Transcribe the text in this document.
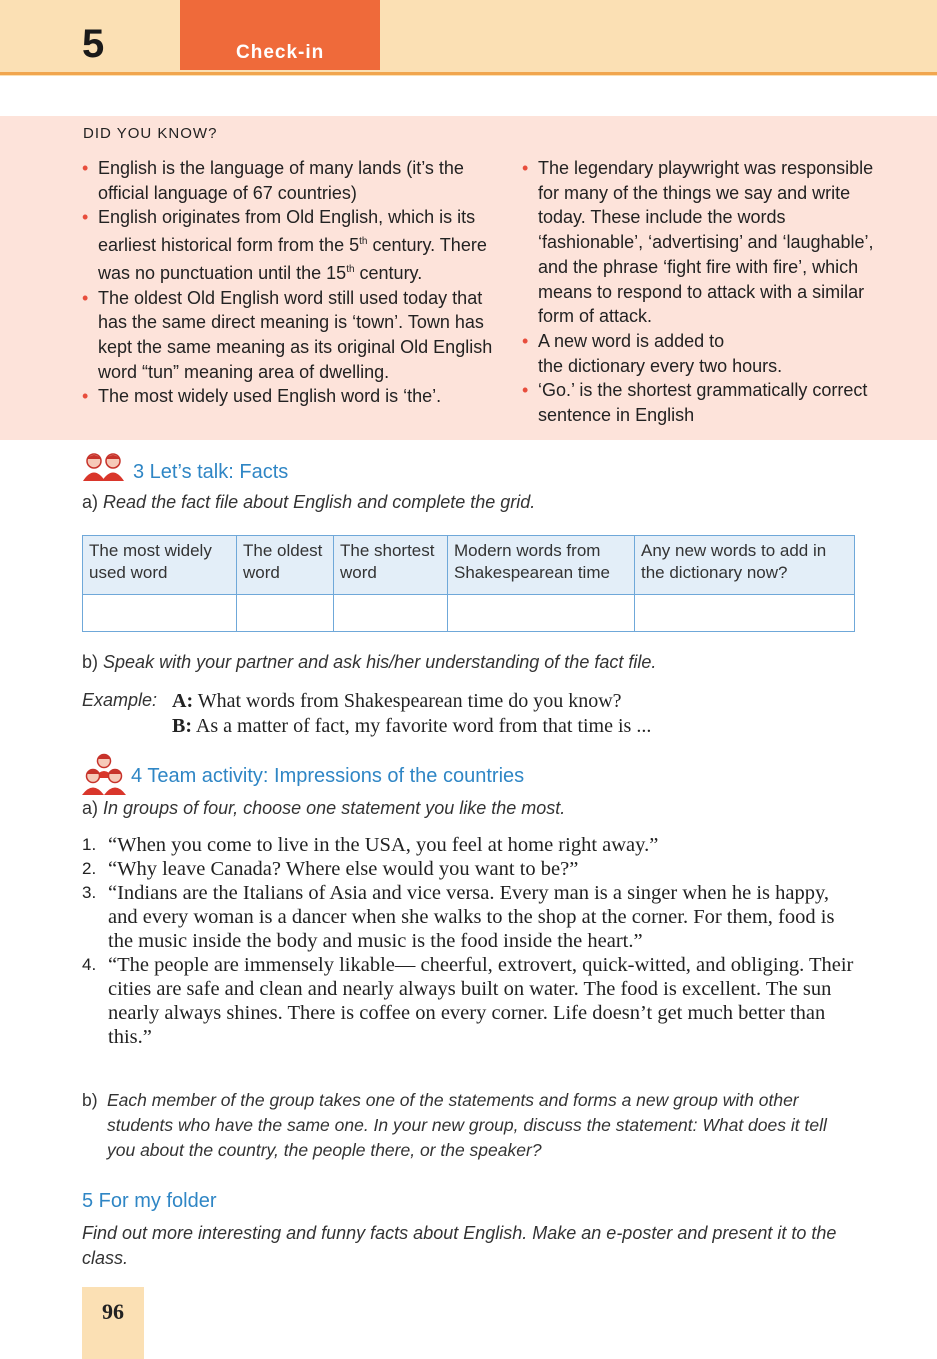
5	Check-in
DID YOU KNOW?
• English is the language of many lands (it’s the official language of 67 countries)
• English originates from Old English, which is its earliest historical form from the 5th century. There was no punctuation until the 15th century.
• The oldest Old English word still used today that has the same direct meaning is ‘town’. Town has kept the same meaning as its original Old English word “tun” meaning area of dwelling.
• The most widely used English word is ‘the’.
• The legendary playwright was responsible for many of the things we say and write today. These include the words ‘fashionable’, ‘advertising’ and ‘laughable’, and the phrase ‘fight fire with fire’, which means to respond to attack with a similar form of attack.
• A new word is added to
the dictionary every two hours.
• ‘Go.’ is the shortest grammatically correct sentence in English
3 Let’s talk: Facts
a) Read the fact file about English and complete the grid.
The most widely used word	The oldest word	The shortest word	Modern words from Shakespearean time	Any new words to add in the dictionary now?

b) Speak with your partner and ask his/her understanding of the fact file.
Example: A: What words from Shakespearean time do you know?
B: As a matter of fact, my favorite word from that time is ...
4 Team activity: Impressions of the countries
a) In groups of four, choose one statement you like the most.
1. “When you come to live in the USA, you feel at home right away.”
2. “Why leave Canada? Where else would you want to be?”
3. “Indians are the Italians of Asia and vice versa. Every man is a singer when he is happy, and every woman is a dancer when she walks to the shop at the corner. For them, food is the music inside the body and music is the food inside the heart.”
4. “The people are immensely likable— cheerful, extrovert, quick-witted, and obliging. Their cities are safe and clean and nearly always built on water. The food is excellent. The sun nearly always shines. There is coffee on every corner. Life doesn’t get much better than this.”
b) Each member of the group takes one of the statements and forms a new group with other students who have the same one. In your new group, discuss the statement: What does it tell you about the country, the people there, or the speaker?
5 For my folder
Find out more interesting and funny facts about English. Make an e-poster and present it to the class.
96
